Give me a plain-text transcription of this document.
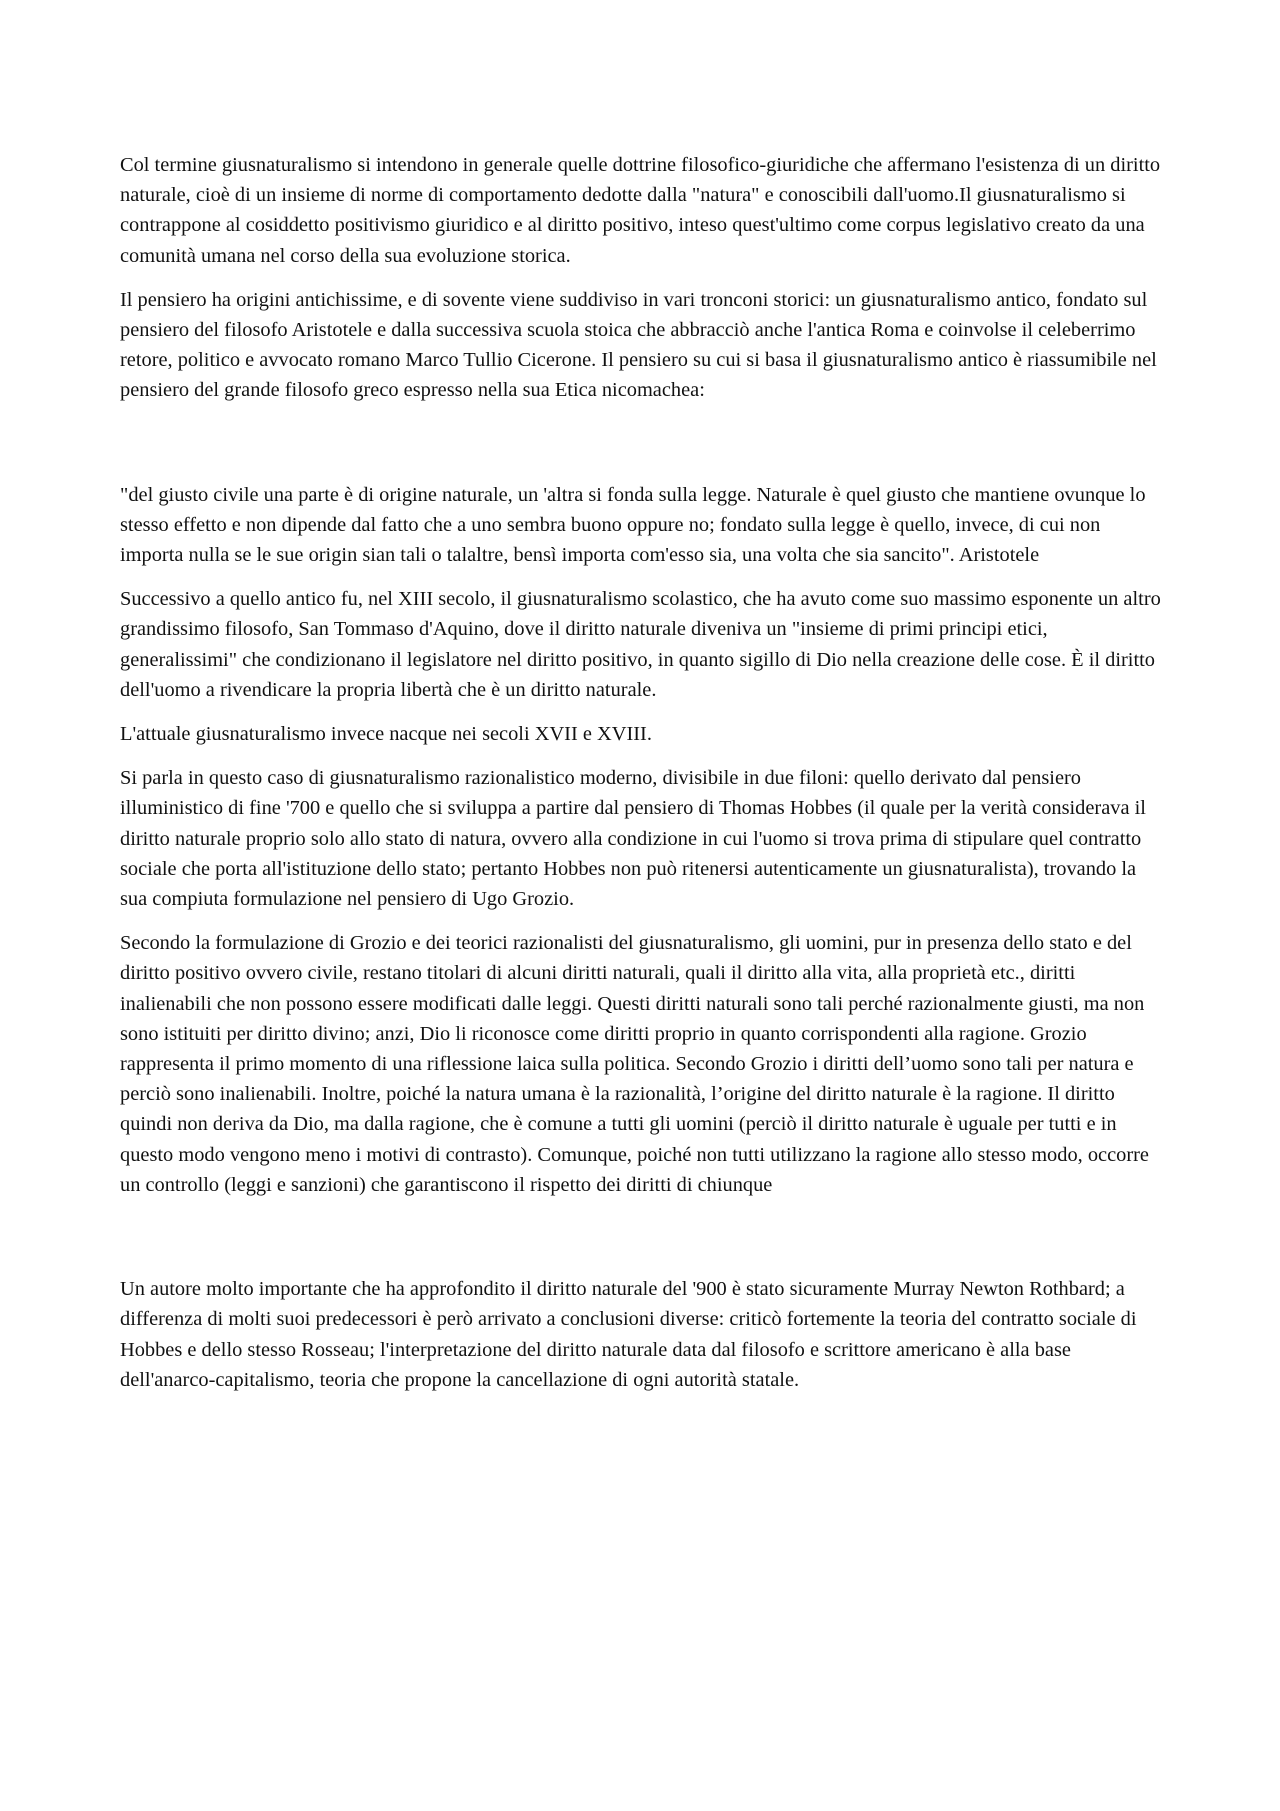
Col termine giusnaturalismo si intendono in generale quelle dottrine filosofico-giuridiche che affermano l'esistenza di un diritto naturale, cioè di un insieme di norme di comportamento dedotte dalla "natura" e conoscibili dall'uomo.Il giusnaturalismo si contrappone al cosiddetto positivismo giuridico e al diritto positivo, inteso quest'ultimo come corpus legislativo creato da una comunità umana nel corso della sua evoluzione storica.

Il pensiero ha origini antichissime, e di sovente viene suddiviso in vari tronconi storici: un giusnaturalismo antico, fondato sul pensiero del filosofo Aristotele e dalla successiva scuola stoica che abbracciò anche l'antica Roma e coinvolse il celeberrimo retore, politico e avvocato romano Marco Tullio Cicerone. Il pensiero su cui si basa il giusnaturalismo antico è riassumibile nel pensiero del grande filosofo greco espresso nella sua Etica nicomachea:

"del giusto civile una parte è di origine naturale, un 'altra si fonda sulla legge. Naturale è quel giusto che mantiene ovunque lo stesso effetto e non dipende dal fatto che a uno sembra buono oppure no; fondato sulla legge è quello, invece, di cui non importa nulla se le sue origin sian tali o talaltre, bensì importa com'esso sia, una volta che sia sancito". Aristotele

Successivo a quello antico fu, nel XIII secolo, il giusnaturalismo scolastico, che ha avuto come suo massimo esponente un altro grandissimo filosofo, San Tommaso d'Aquino, dove il diritto naturale diveniva un "insieme di primi principi etici, generalissimi" che condizionano il legislatore nel diritto positivo, in quanto sigillo di Dio nella creazione delle cose. È il diritto dell'uomo a rivendicare la propria libertà che è un diritto naturale.

L'attuale giusnaturalismo invece nacque nei secoli XVII e XVIII.

Si parla in questo caso di giusnaturalismo razionalistico moderno, divisibile in due filoni: quello derivato dal pensiero illuministico di fine '700 e quello che si sviluppa a partire dal pensiero di Thomas Hobbes (il quale per la verità considerava il diritto naturale proprio solo allo stato di natura, ovvero alla condizione in cui l'uomo si trova prima di stipulare quel contratto sociale che porta all'istituzione dello stato; pertanto Hobbes non può ritenersi autenticamente un giusnaturalista), trovando la sua compiuta formulazione nel pensiero di Ugo Grozio.

Secondo la formulazione di Grozio e dei teorici razionalisti del giusnaturalismo, gli uomini, pur in presenza dello stato e del diritto positivo ovvero civile, restano titolari di alcuni diritti naturali, quali il diritto alla vita, alla proprietà etc., diritti inalienabili che non possono essere modificati dalle leggi. Questi diritti naturali sono tali perché razionalmente giusti, ma non sono istituiti per diritto divino; anzi, Dio li riconosce come diritti proprio in quanto corrispondenti alla ragione. Grozio rappresenta il primo momento di una riflessione laica sulla politica. Secondo Grozio i diritti dell’uomo sono tali per natura e perciò sono inalienabili. Inoltre, poiché la natura umana è la razionalità, l’origine del diritto naturale è la ragione. Il diritto quindi non deriva da Dio, ma dalla ragione, che è comune a tutti gli uomini (perciò il diritto naturale è uguale per tutti e in questo modo vengono meno i motivi di contrasto). Comunque, poiché non tutti utilizzano la ragione allo stesso modo, occorre un controllo (leggi e sanzioni) che garantiscono il rispetto dei diritti di chiunque

Un autore molto importante che ha approfondito il diritto naturale del '900 è stato sicuramente Murray Newton Rothbard; a differenza di molti suoi predecessori è però arrivato a conclusioni diverse: criticò fortemente la teoria del contratto sociale di Hobbes e dello stesso Rosseau; l'interpretazione del diritto naturale data dal filosofo e scrittore americano è alla base dell'anarco-capitalismo, teoria che propone la cancellazione di ogni autorità statale.
